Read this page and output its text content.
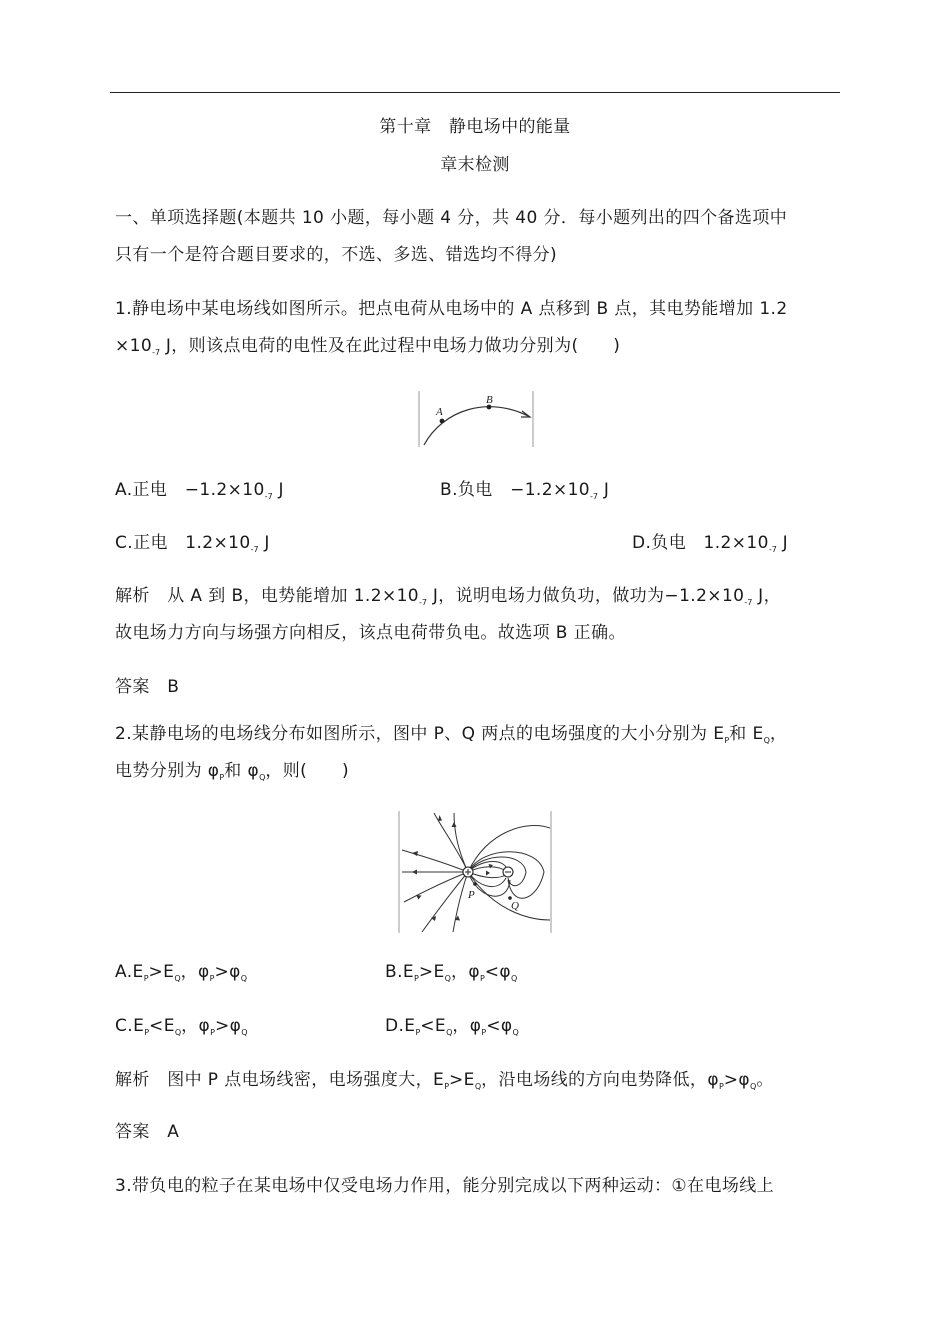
第十章　静电场中的能量
章末检测
一、单项选择题(本题共 10 小题，每小题 4 分，共 40 分．每小题列出的四个备选项中
只有一个是符合题目要求的，不选、多选、错选均不得分)
1.静电场中某电场线如图所示。把点电荷从电场中的 A 点移到 B 点，其电势能增加 1.2
$\times 10_{-7}$ J，则该点电荷的电性及在此过程中电场力做功分别为(　　)
A
B
A.正电　$-1.2\times 10_{-7}$ J	B.负电　$-1.2\times 10_{-7}$ J
C.正电　$1.2\times 10_{-7}$ J	D.负电　$1.2\times 10_{-7}$ J
解析　从 A 到 B，电势能增加 $1.2\times 10_{-7}$ J，说明电场力做负功，做功为$-1.2\times 10_{-7}$ J，
故电场力方向与场强方向相反，该点电荷带负电。故选项 B 正确。
答案　B
2.某静电场的电场线分布如图所示，图中 P、Q 两点的电场强度的大小分别为 $E_P$和 $E_Q$，
电势分别为 $\varphi_P$和 $\varphi_Q$，则(　　)
P
Q
$A.E_P>E_Q$，$\varphi_P>\varphi_Q$	$B.E_P>E_Q$，$\varphi_P<\varphi_Q$
$C.E_P<E_Q$，$\varphi_P>\varphi_Q$	$D.E_P<E_Q$，$\varphi_P<\varphi_Q$
解析　图中 P 点电场线密，电场强度大，$E_P>E_Q$，沿电场线的方向电势降低，$\varphi_P>\varphi_Q$。
答案　A
3.带负电的粒子在某电场中仅受电场力作用，能分别完成以下两种运动：①在电场线上
